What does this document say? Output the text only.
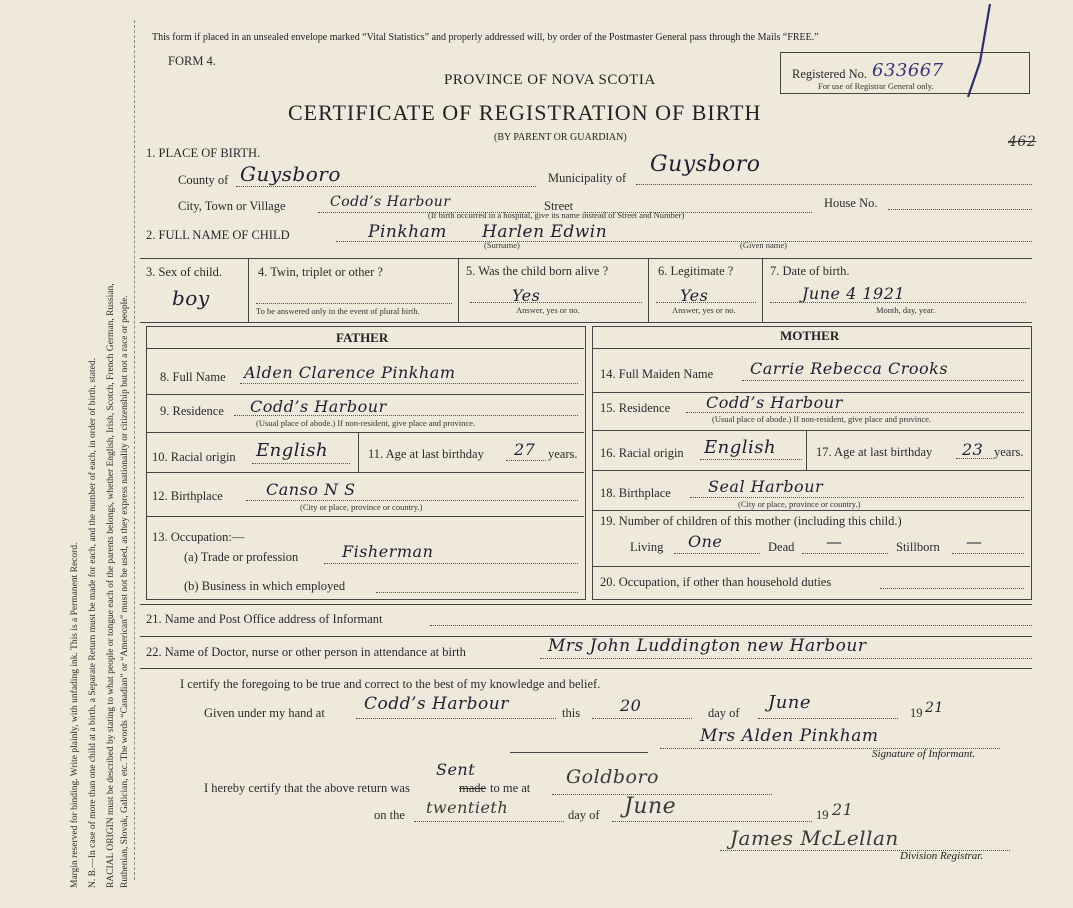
Margin reserved for binding. Write plainly, with unfading ink. This is a Permanent Record. N. B.—In case of more than one child at a birth, a Separate Return must be made for each, and the number of each, in order of birth, stated. RACIAL ORIGIN must be described by stating to what people or tongue each of the parents belongs, whether English, Irish, Scotch, French German, Russian, Ruthenian, Slovak, Galician, etc. The words “Canadian” or “American” must not be used, as they express nationality or citizenship but not a race or people.
This form if placed in an unsealed envelope marked “Vital Statistics” and properly addressed will, by order of the Postmaster General pass through the Mails “FREE.”
FORM 4.
Registered No. 633667
For use of Registrar General only.
PROVINCE OF NOVA SCOTIA
CERTIFICATE OF REGISTRATION OF BIRTH
(BY PARENT OR GUARDIAN)	462
1. PLACE OF BIRTH.
County of Guysboro	Municipality of
Guysboro
City, Town or Village	Codd’s Harbour	Street	House No.
(If birth occurred in a hospital, give its name instead of Street and Number)
2. FULL NAME OF CHILD	Pinkham Harlen Edwin
(Surname)	(Given name)
3. Sex of child.
boy
4. Twin, triplet or other ?
To be answered only in the event of plural birth.
5. Was the child born alive ?
Yes
Answer, yes or no.
6. Legitimate ?
Yes
Answer, yes or no.
7. Date of birth.
June 4 1921
Month, day, year.
FATHER	MOTHER
8. Full Name Alden Clarence Pinkham
9. Residence Codd’s Harbour
(Usual place of abode.) If non-resident, give place and province.
10. Racial origin English	11. Age at last birthday 27 years.
12. Birthplace	Canso N S
(City or place, province or country.)
13. Occupation:—
(a) Trade or profession	Fisherman
(b) Business in which employed
14. Full Maiden Name Carrie Rebecca Crooks
15. Residence Codd’s Harbour
(Usual place of abode.) If non-resident, give place and province.
16. Racial origin English	17. Age at last birthday 23 years.
18. Birthplace Seal Harbour
(City or place, province or country.)
19. Number of children of this mother (including this child.)
Living One	Dead —	Stillborn —
20. Occupation, if other than household duties
21. Name and Post Office address of Informant
22. Name of Doctor, nurse or other person in attendance at birth	Mrs John Luddington new Harbour
I certify the foregoing to be true and correct to the best of my knowledge and belief.
Given under my hand at Codd’s Harbour	this 20	day of June	19 21
Mrs Alden Pinkham
Signature of Informant.
I hereby certify that the above return was	made
Sent
to me at Goldboro
on the twentieth	day of June	19 21
James McLellan
Division Registrar.
